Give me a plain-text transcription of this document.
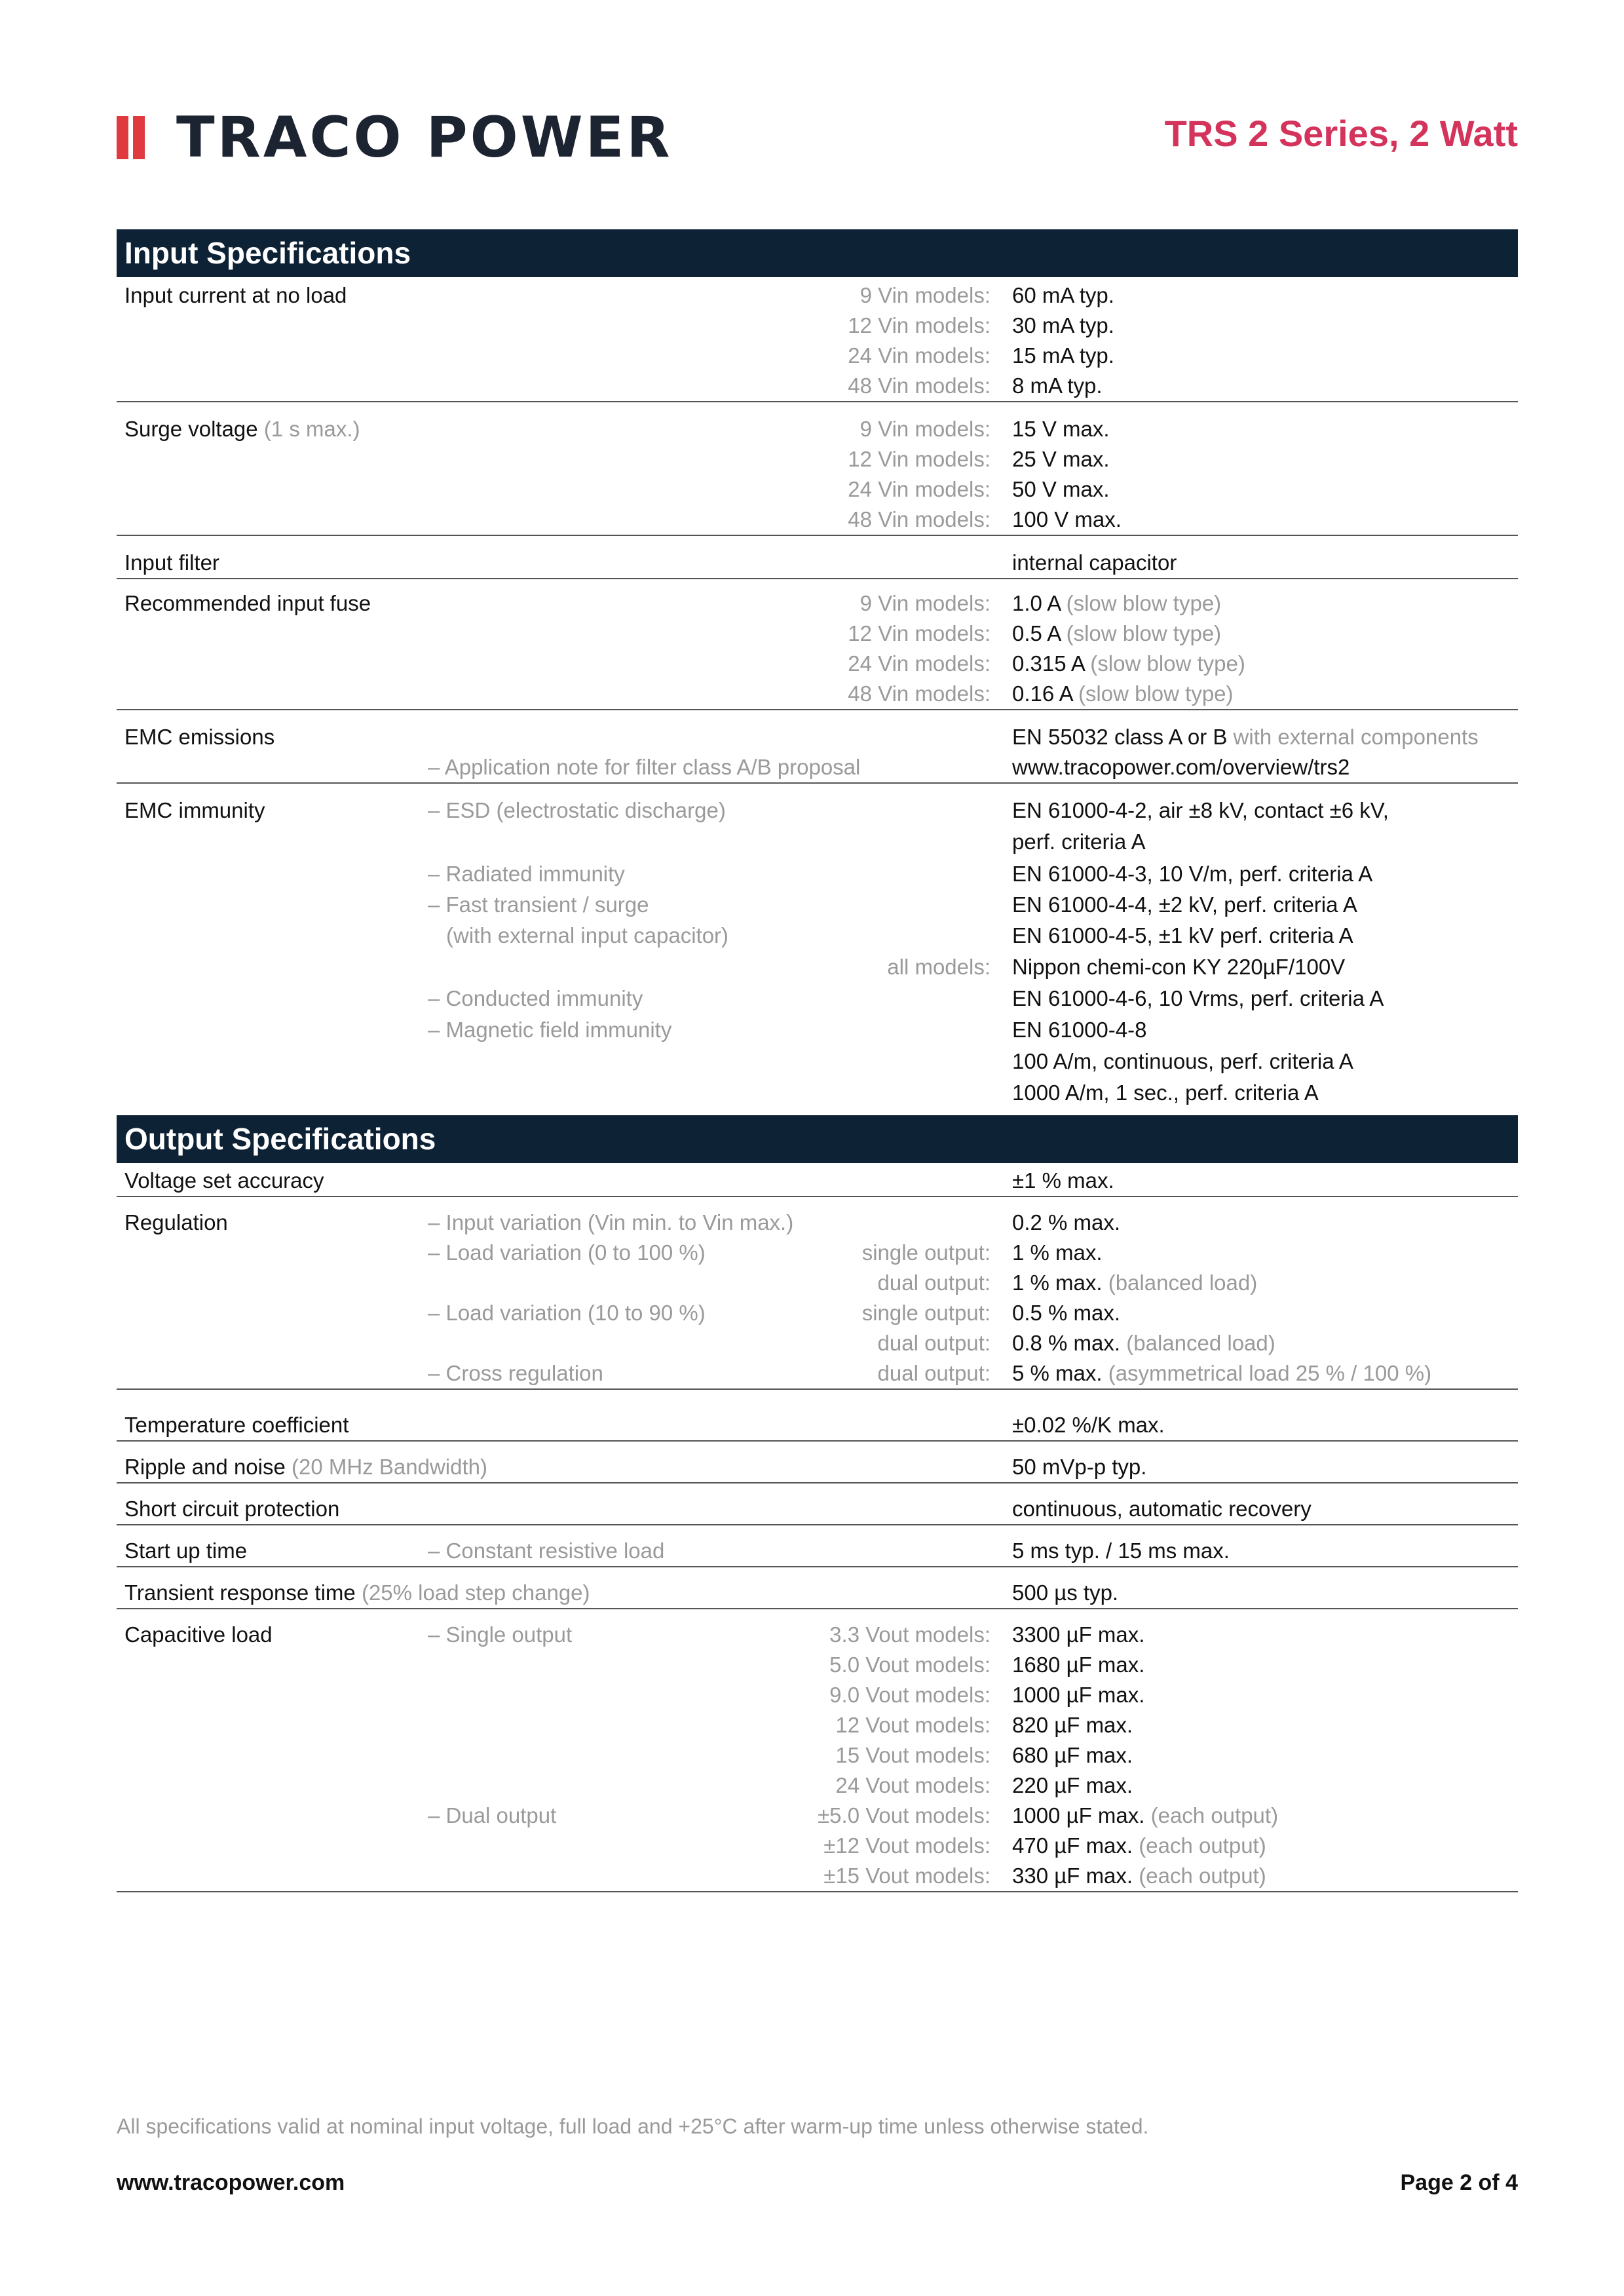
TRACO POWER	TRS 2 Series, 2 Watt
Input Specifications
Input current at no load	9 Vin models: 60 mA typ.
12 Vin models: 30 mA typ.
24 Vin models: 15 mA typ.
48 Vin models: 8 mA typ.
Surge voltage (1 s max.)	9 Vin models: 15 V max.
12 Vin models: 25 V max.
24 Vin models: 50 V max.
48 Vin models: 100 V max.
Input filter	internal capacitor
Recommended input fuse	9 Vin models: 1.0 A (slow blow type)
12 Vin models: 0.5 A (slow blow type)
24 Vin models: 0.315 A (slow blow type)
48 Vin models: 0.16 A (slow blow type)
EMC emissions	EN 55032 class A or B with external components
– Application note for filter class A/B proposal	www.tracopower.com/overview/trs2
EMC immunity	– ESD (electrostatic discharge)	EN 61000-4-2, air ±8 kV, contact ±6 kV,
perf. criteria A
– Radiated immunity	EN 61000-4-3, 10 V/m, perf. criteria A
– Fast transient / surge	EN 61000-4-4, ±2 kV, perf. criteria A
(with external input capacitor)	EN 61000-4-5, ±1 kV perf. criteria A
all models: Nippon chemi-con KY 220µF/100V
– Conducted immunity	EN 61000-4-6, 10 Vrms, perf. criteria A
– Magnetic field immunity	EN 61000-4-8
100 A/m, continuous, perf. criteria A
1000 A/m, 1 sec., perf. criteria A
Output Specifications
Voltage set accuracy	±1 % max.
Regulation	– Input variation (Vin min. to Vin max.)	0.2 % max.
– Load variation (0 to 100 %)	single output: 1 % max.
dual output: 1 % max. (balanced load)
– Load variation (10 to 90 %)	single output: 0.5 % max.
dual output: 0.8 % max. (balanced load)
– Cross regulation	dual output: 5 % max. (asymmetrical load 25 % / 100 %)
Temperature coefficient	±0.02 %/K max.
Ripple and noise (20 MHz Bandwidth)	50 mVp-p typ.
Short circuit protection	continuous, automatic recovery
Start up time	– Constant resistive load	5 ms typ. / 15 ms max.
Transient response time (25% load step change)	500 µs typ.
Capacitive load	– Single output	3.3 Vout models: 3300 µF max.
5.0 Vout models: 1680 µF max.
9.0 Vout models: 1000 µF max.
12 Vout models: 820 µF max.
15 Vout models: 680 µF max.
24 Vout models: 220 µF max.
– Dual output	±5.0 Vout models: 1000 µF max. (each output)
±12 Vout models: 470 µF max. (each output)
±15 Vout models: 330 µF max. (each output)
All specifications valid at nominal input voltage, full load and +25°C after warm-up time unless otherwise stated.
www.tracopower.com	Page 2 of 4
